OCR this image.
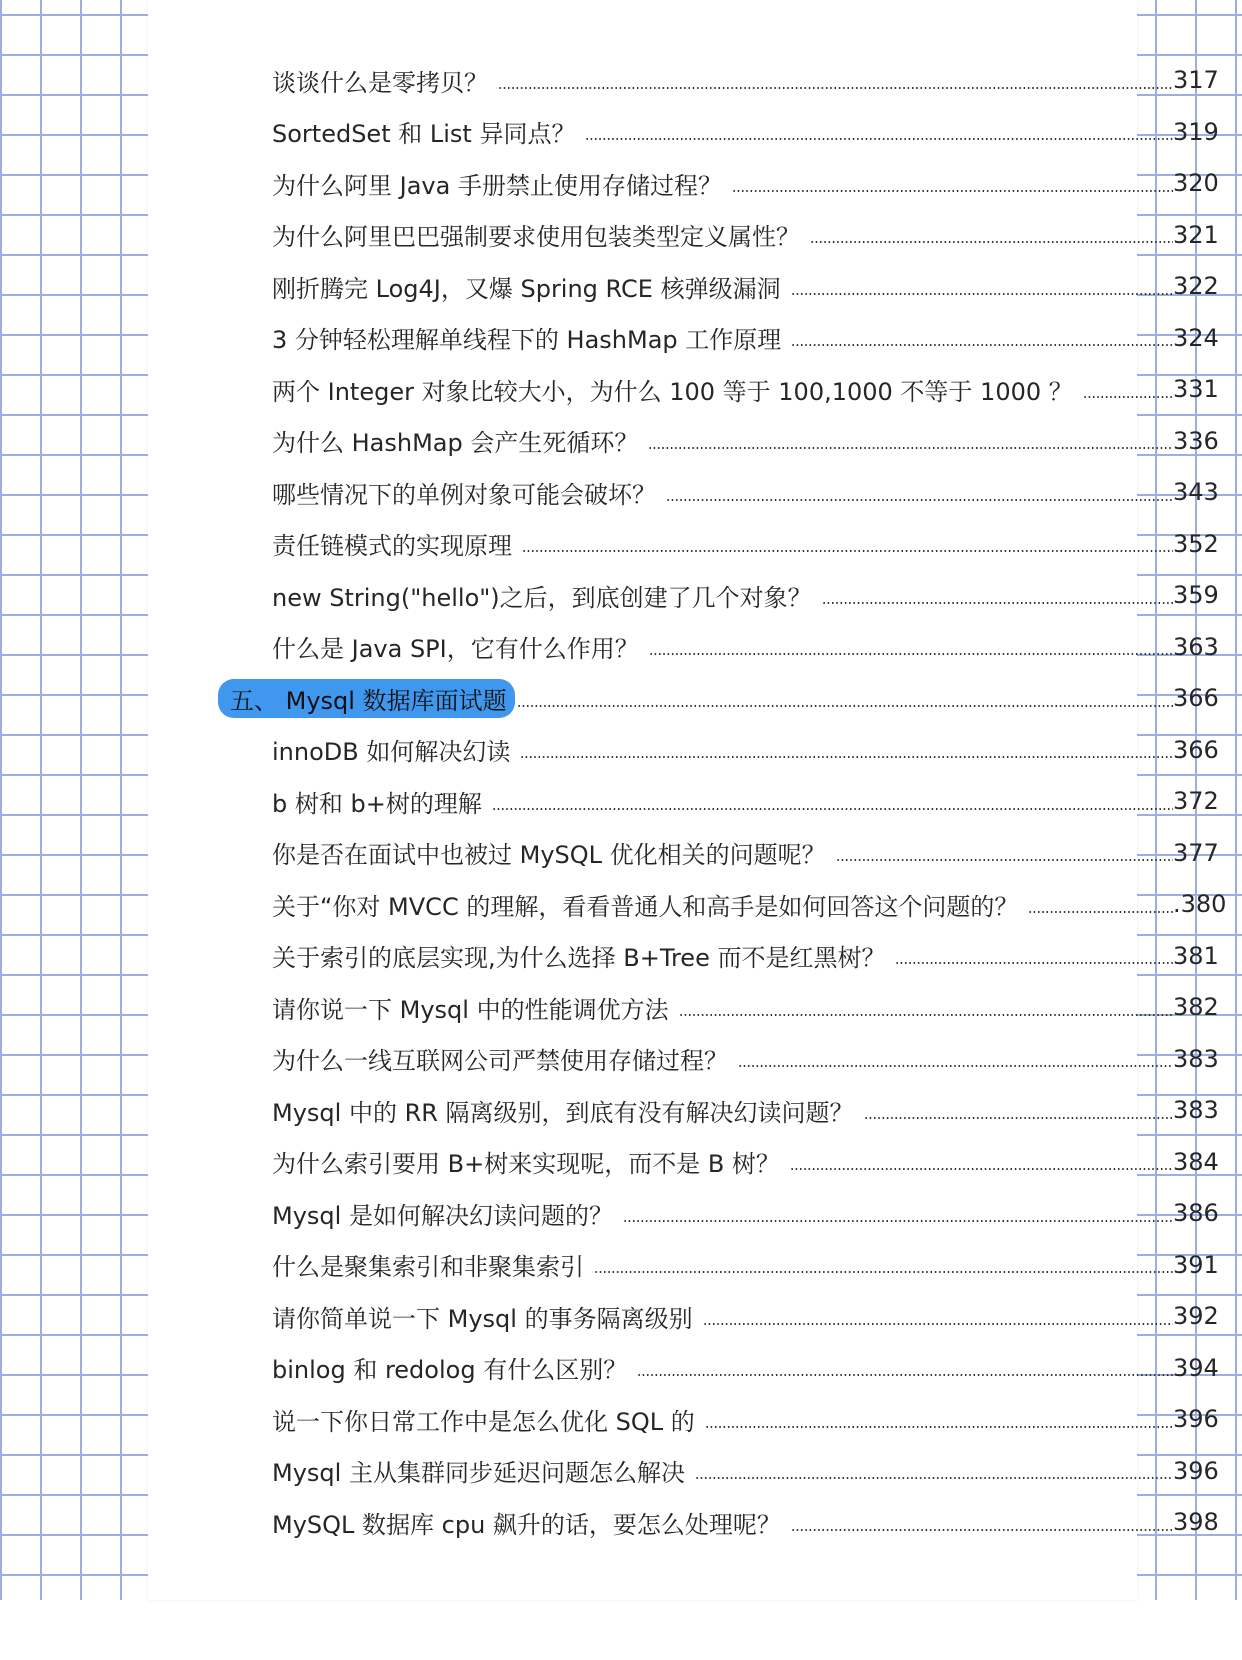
谈谈什么是零拷贝？	317
SortedSet 和 List 异同点？	319
为什么阿里 Java 手册禁止使用存储过程？	320
为什么阿里巴巴强制要求使用包装类型定义属性？	321
刚折腾完 Log4J，又爆 Spring RCE 核弹级漏洞	322
3 分钟轻松理解单线程下的 HashMap 工作原理	324
两个 Integer 对象比较大小，为什么 100 等于 100,1000 不等于 1000 ？	331
为什么 HashMap 会产生死循环？	336
哪些情况下的单例对象可能会破坏？	343
责任链模式的实现原理	352
new String("hello")之后，到底创建了几个对象？	359
什么是 Java SPI，它有什么作用？	363
五、 Mysql 数据库面试题	366
innoDB 如何解决幻读	366
b 树和 b+树的理解	372
你是否在面试中也被过 MySQL 优化相关的问题呢？	377
关于“你对 MVCC 的理解，看看普通人和高手是如何回答这个问题的？	.380
关于索引的底层实现,为什么选择 B+Tree 而不是红黑树？	381
请你说一下 Mysql 中的性能调优方法	382
为什么一线互联网公司严禁使用存储过程？	383
Mysql 中的 RR 隔离级别，到底有没有解决幻读问题？	383
为什么索引要用 B+树来实现呢，而不是 B 树？	384
Mysql 是如何解决幻读问题的？	386
什么是聚集索引和非聚集索引	391
请你简单说一下 Mysql 的事务隔离级别	392
binlog 和 redolog 有什么区别？	394
说一下你日常工作中是怎么优化 SQL 的	396
Mysql 主从集群同步延迟问题怎么解决	396
MySQL 数据库 cpu 飙升的话，要怎么处理呢？	398
